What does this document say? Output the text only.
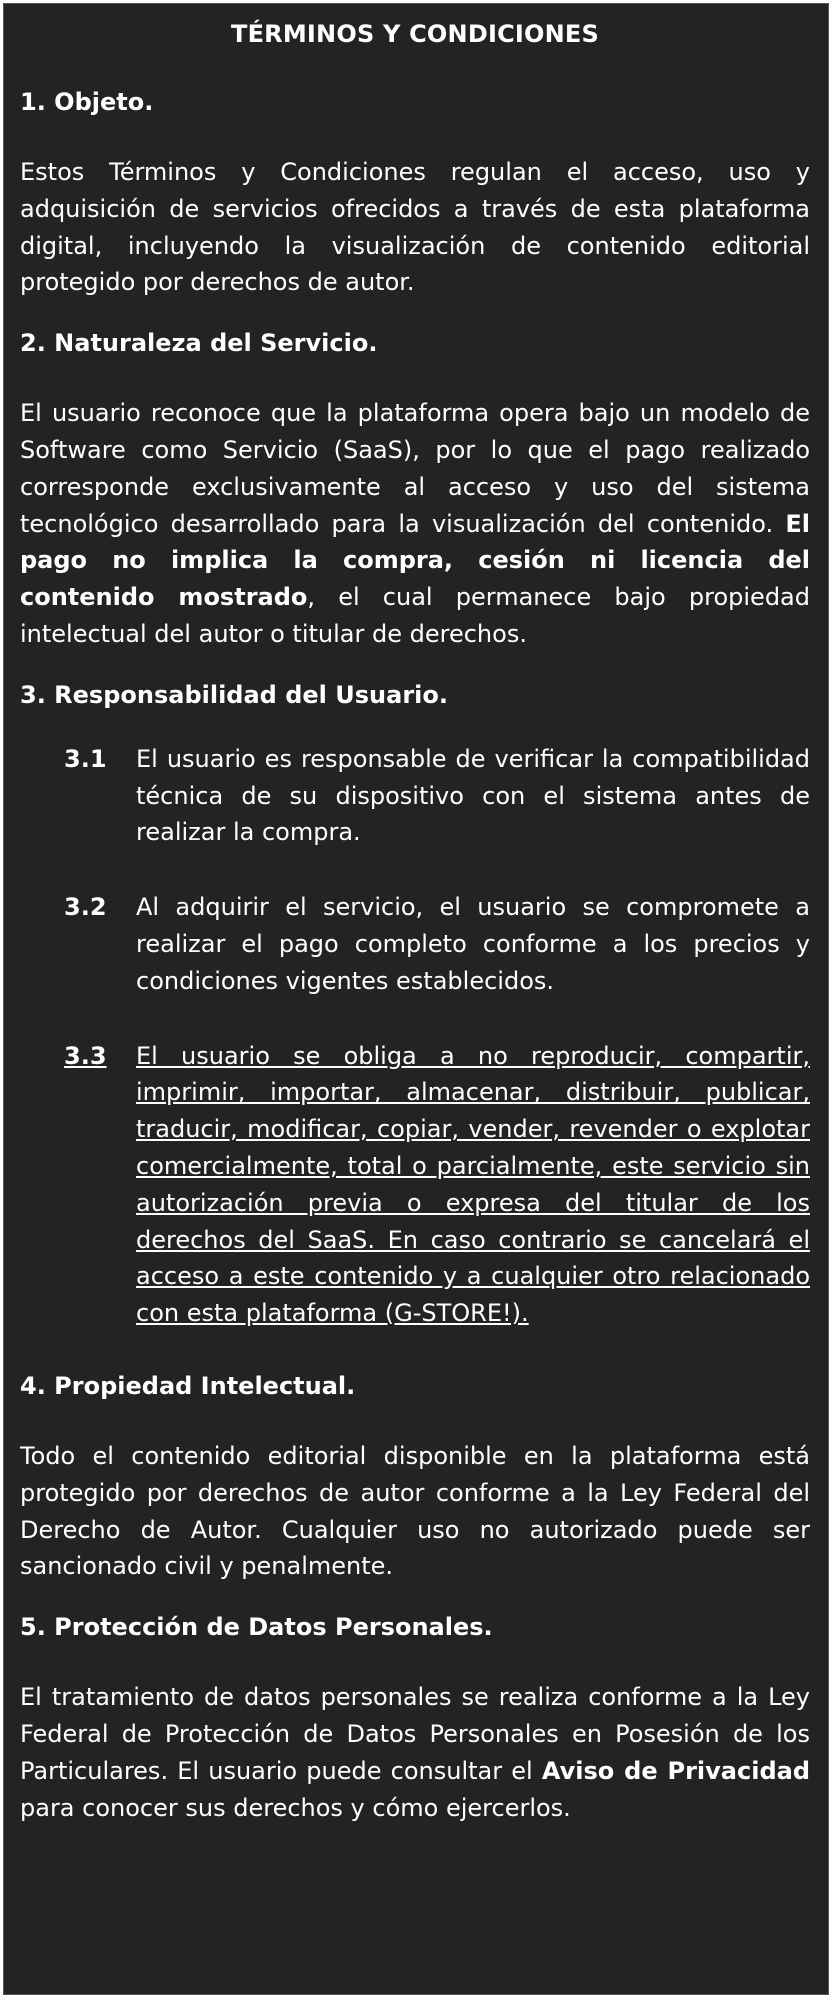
TÉRMINOS Y CONDICIONES
1. Objeto.

Estos Términos y Condiciones regulan el acceso, uso y adquisición de servicios ofrecidos a través de esta plataforma digital, incluyendo la visualización de contenido editorial protegido por derechos de autor.

2. Naturaleza del Servicio.

El usuario reconoce que la plataforma opera bajo un modelo de Software como Servicio (SaaS), por lo que el pago realizado corresponde exclusivamente al acceso y uso del sistema tecnológico desarrollado para la visualización del contenido. El pago no implica la compra, cesión ni licencia del contenido mostrado, el cual permanece bajo propiedad intelectual del autor o titular de derechos.

3. Responsabilidad del Usuario.
3.1	El usuario es responsable de verificar la compatibilidad técnica de su dispositivo con el sistema antes de realizar la compra.
3.2	Al adquirir el servicio, el usuario se compromete a realizar el pago completo conforme a los precios y condiciones vigentes establecidos.
3.3	El usuario se obliga a no reproducir, compartir, imprimir, importar, almacenar, distribuir, publicar, traducir, modificar, copiar, vender, revender o explotar comercialmente, total o parcialmente, este servicio sin autorización previa o expresa del titular de los derechos del SaaS. En caso contrario se cancelará el acceso a este contenido y a cualquier otro relacionado con esta plataforma (G-STORE!).
4. Propiedad Intelectual.

Todo el contenido editorial disponible en la plataforma está protegido por derechos de autor conforme a la Ley Federal del Derecho de Autor. Cualquier uso no autorizado puede ser sancionado civil y penalmente.

5. Protección de Datos Personales.

El tratamiento de datos personales se realiza conforme a la Ley Federal de Protección de Datos Personales en Posesión de los Particulares. El usuario puede consultar el Aviso de Privacidad para conocer sus derechos y cómo ejercerlos.
